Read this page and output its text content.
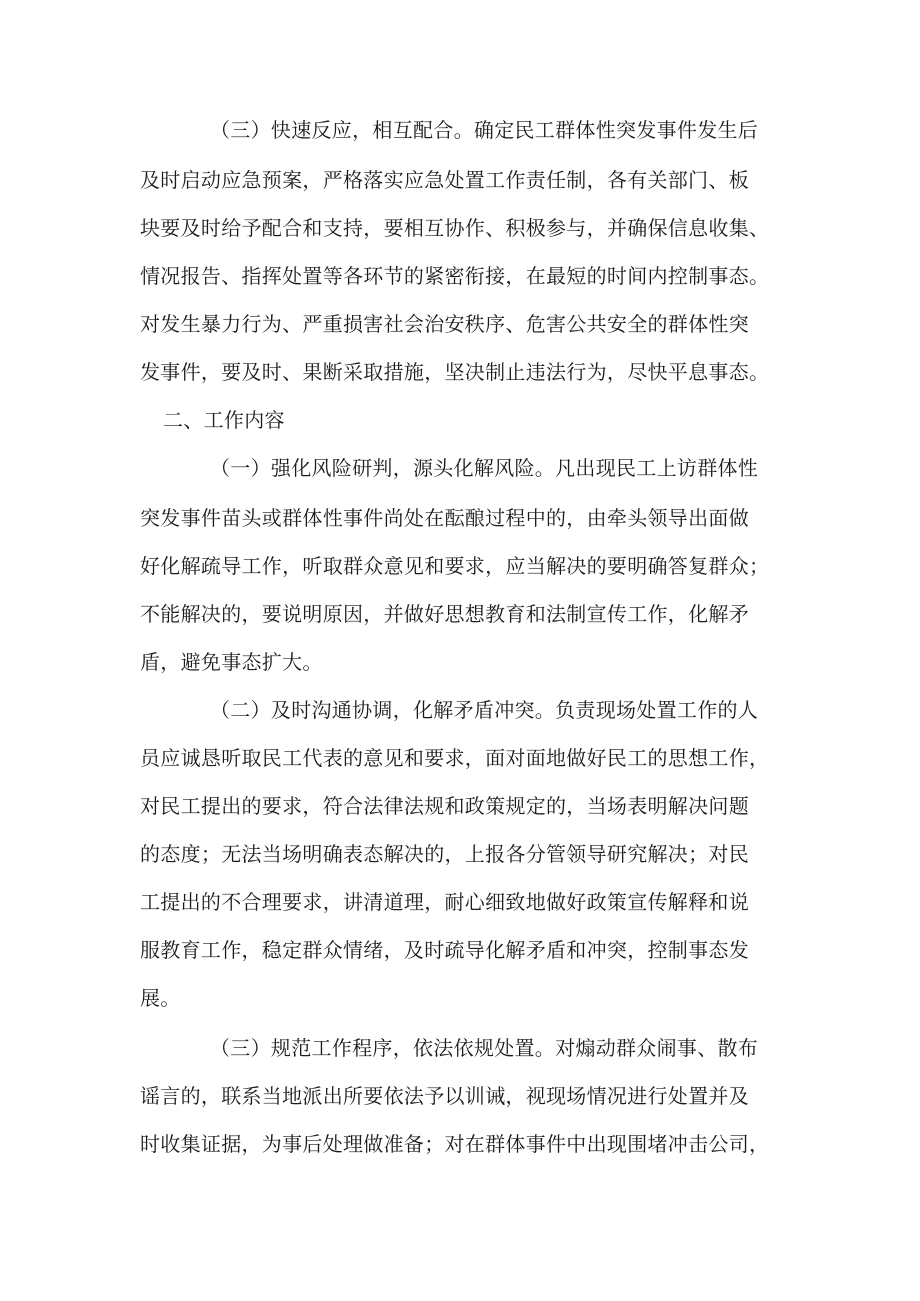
（三）快速反应，相互配合。确定民工群体性突发事件发生后
及时启动应急预案，严格落实应急处置工作责任制，各有关部门、板
块要及时给予配合和支持，要相互协作、积极参与，并确保信息收集、
情况报告、指挥处置等各环节的紧密衔接，在最短的时间内控制事态。
对发生暴力行为、严重损害社会治安秩序、危害公共安全的群体性突
发事件，要及时、果断采取措施，坚决制止违法行为，尽快平息事态。
二、工作内容
（一）强化风险研判，源头化解风险。凡出现民工上访群体性
突发事件苗头或群体性事件尚处在酝酿过程中的，由牵头领导出面做
好化解疏导工作，听取群众意见和要求，应当解决的要明确答复群众；
不能解决的，要说明原因，并做好思想教育和法制宣传工作，化解矛
盾，避免事态扩大。
（二）及时沟通协调，化解矛盾冲突。负责现场处置工作的人
员应诚恳听取民工代表的意见和要求，面对面地做好民工的思想工作，
对民工提出的要求，符合法律法规和政策规定的，当场表明解决问题
的态度；无法当场明确表态解决的，上报各分管领导研究解决；对民
工提出的不合理要求，讲清道理，耐心细致地做好政策宣传解释和说
服教育工作，稳定群众情绪，及时疏导化解矛盾和冲突，控制事态发
展。
（三）规范工作程序，依法依规处置。对煽动群众闹事、散布
谣言的，联系当地派出所要依法予以训诫，视现场情况进行处置并及
时收集证据，为事后处理做准备；对在群体事件中出现围堵冲击公司，
